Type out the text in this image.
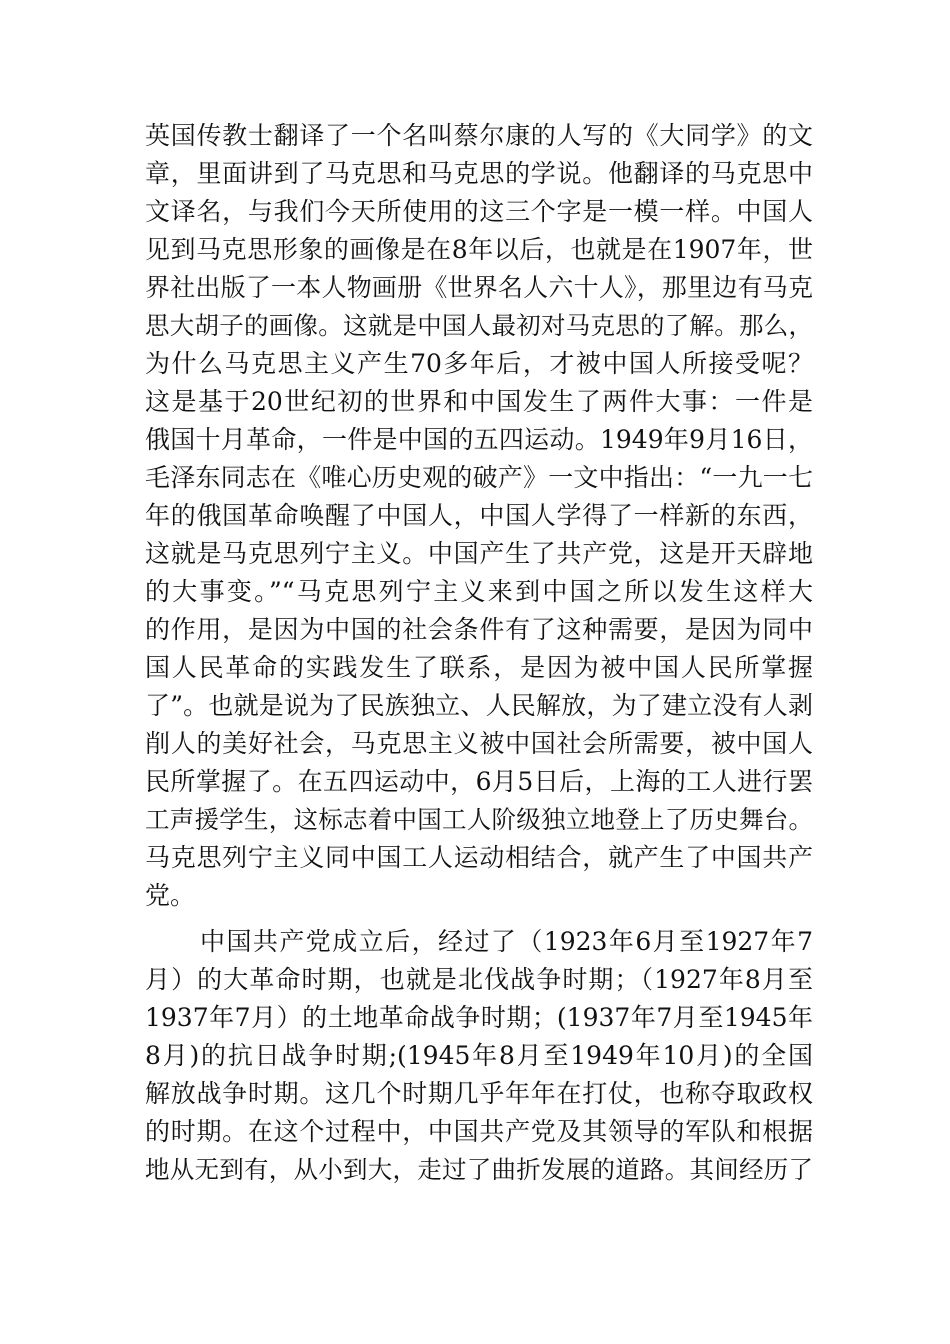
英国传教士翻译了一个名叫蔡尔康的人写的《大同学》的文
章，里面讲到了马克思和马克思的学说。他翻译的马克思中
文译名，与我们今天所使用的这三个字是一模一样。中国人
见到马克思形象的画像是在8年以后，也就是在1907年，世
界社出版了一本人物画册《世界名人六十人》，那里边有马克
思大胡子的画像。这就是中国人最初对马克思的了解。那么，
为什么马克思主义产生70多年后，才被中国人所接受呢？
这是基于20世纪初的世界和中国发生了两件大事：一件是
俄国十月革命，一件是中国的五四运动。1949年9月16日，
毛泽东同志在《唯心历史观的破产》一文中指出：“一九一七
年的俄国革命唤醒了中国人，中国人学得了一样新的东西，
这就是马克思列宁主义。中国产生了共产党，这是开天辟地
的大事变。”“马克思列宁主义来到中国之所以发生这样大
的作用，是因为中国的社会条件有了这种需要，是因为同中
国人民革命的实践发生了联系，是因为被中国人民所掌握
了”。也就是说为了民族独立、人民解放，为了建立没有人剥
削人的美好社会，马克思主义被中国社会所需要，被中国人
民所掌握了。在五四运动中，6月5日后，上海的工人进行罢
工声援学生，这标志着中国工人阶级独立地登上了历史舞台。
马克思列宁主义同中国工人运动相结合，就产生了中国共产
党。
中国共产党成立后，经过了（1923年6月至1927年7
月）的大革命时期，也就是北伐战争时期；（1927年8月至
1937年7月）的土地革命战争时期；(1937年7月至1945年
8月)的抗日战争时期;(1945年8月至1949年10月)的全国
解放战争时期。这几个时期几乎年年在打仗，也称夺取政权
的时期。在这个过程中，中国共产党及其领导的军队和根据
地从无到有，从小到大，走过了曲折发展的道路。其间经历了
